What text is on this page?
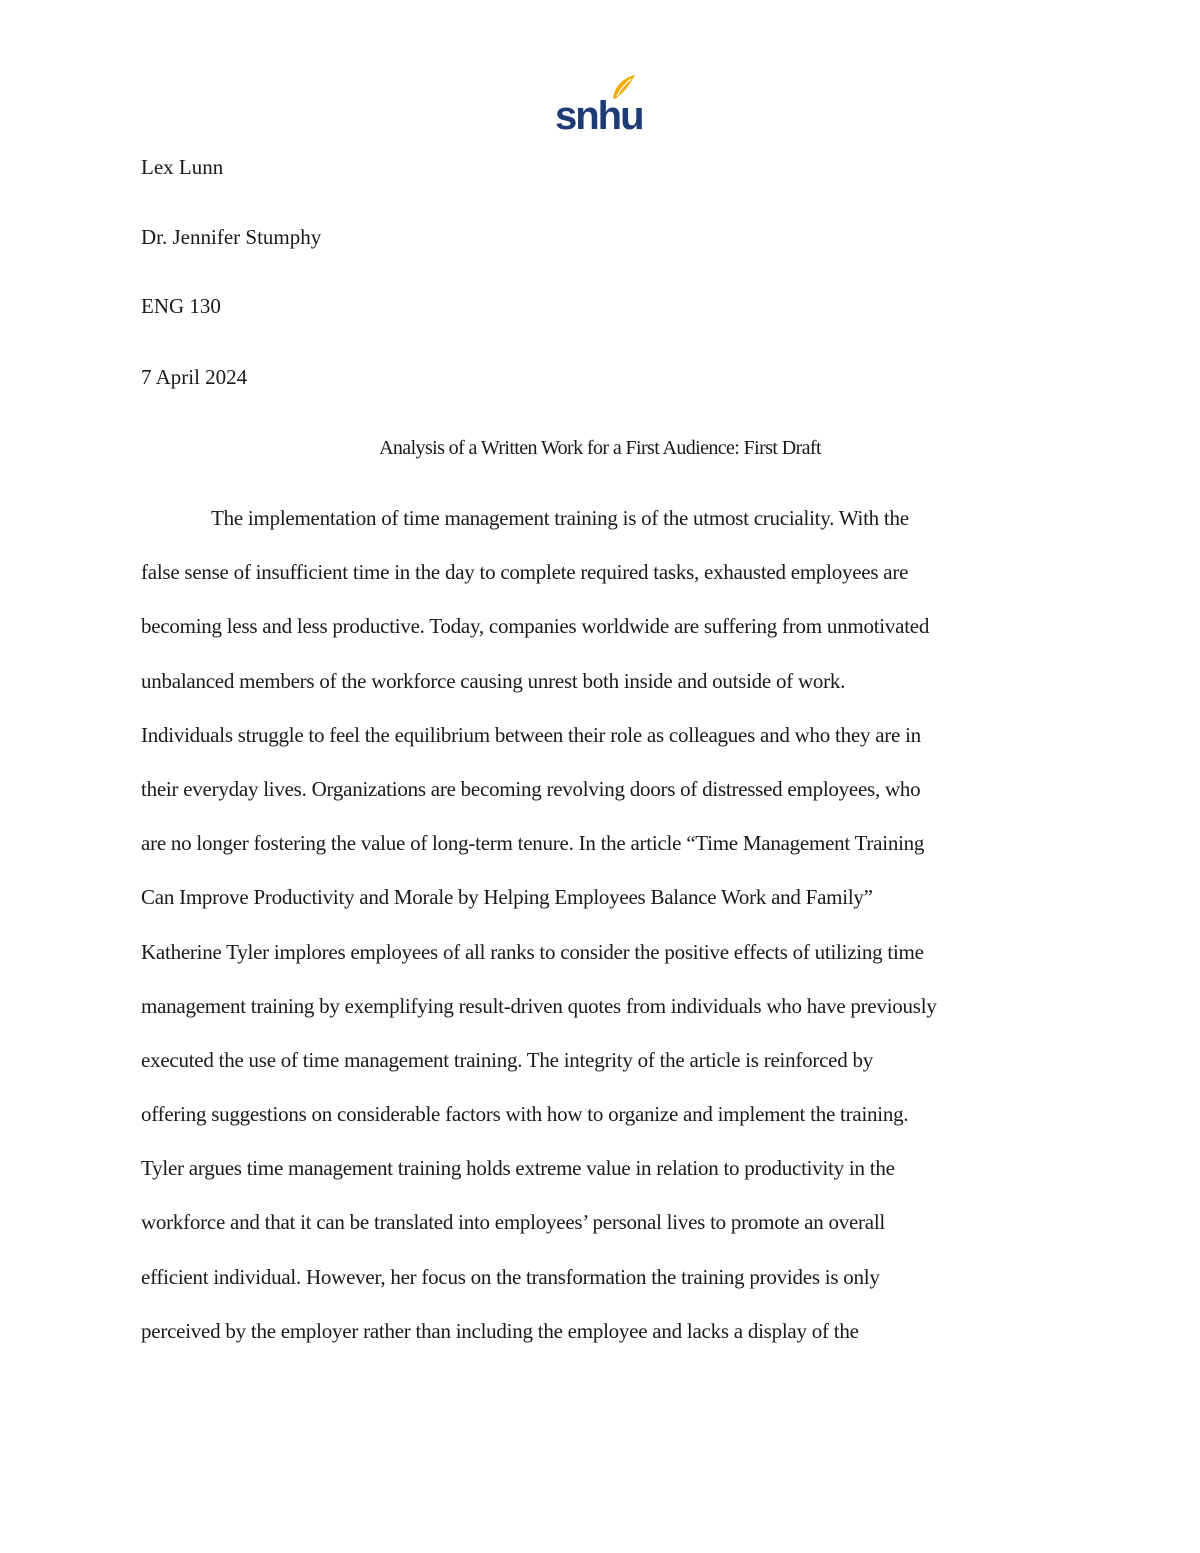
snhu
Lex Lunn
Dr. Jennifer Stumphy
ENG 130
7 April 2024
Analysis of a Written Work for a First Audience: First Draft
The implementation of time management training is of the utmost cruciality. With the
false sense of insufficient time in the day to complete required tasks, exhausted employees are
becoming less and less productive. Today, companies worldwide are suffering from unmotivated
unbalanced members of the workforce causing unrest both inside and outside of work.
Individuals struggle to feel the equilibrium between their role as colleagues and who they are in
their everyday lives. Organizations are becoming revolving doors of distressed employees, who
are no longer fostering the value of long-term tenure. In the article “Time Management Training
Can Improve Productivity and Morale by Helping Employees Balance Work and Family”
Katherine Tyler implores employees of all ranks to consider the positive effects of utilizing time
management training by exemplifying result-driven quotes from individuals who have previously
executed the use of time management training. The integrity of the article is reinforced by
offering suggestions on considerable factors with how to organize and implement the training.
Tyler argues time management training holds extreme value in relation to productivity in the
workforce and that it can be translated into employees’ personal lives to promote an overall
efficient individual. However, her focus on the transformation the training provides is only
perceived by the employer rather than including the employee and lacks a display of the
